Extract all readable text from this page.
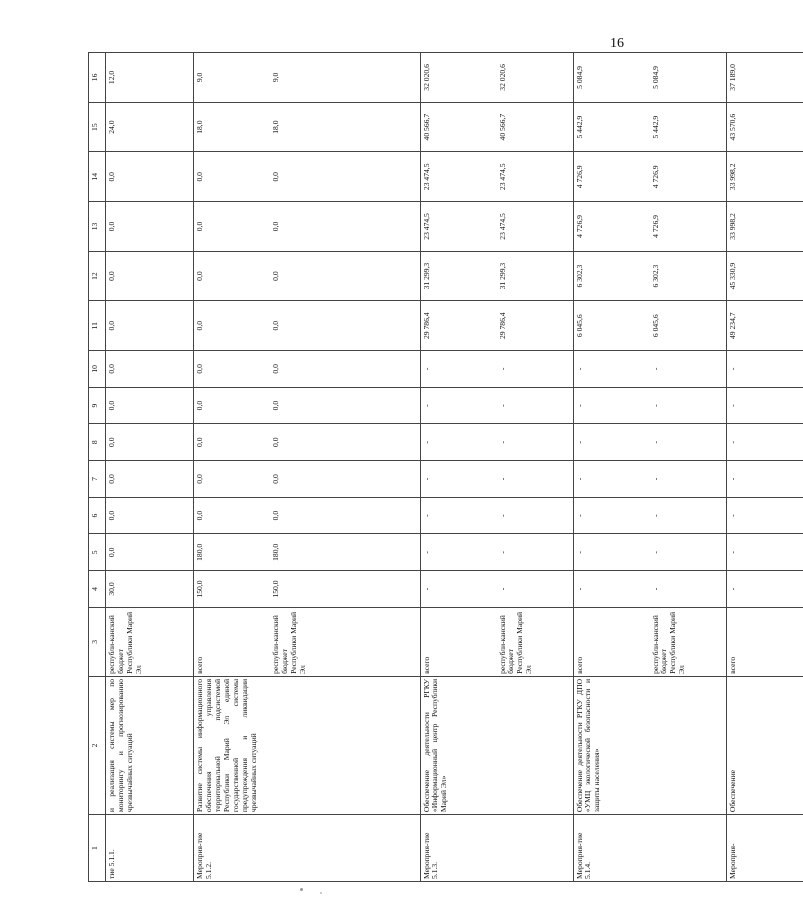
16
1	2	3	4	5	6	7	8	9	10	11	12	13	14	15	16
тие 5.1.1.	и реализация системы мер по мониторингу и прогнозированию чрезвычайных ситуаций	республи-канский бюджет Республики Марий Эл	30,0	0,0	0,0	0,0	0,0	0,0	0,0	0,0	0,0	0,0	0,0	24,0	12,0
Мероприя-тие 5.1.2.	Развитие системы информационного обеспечения управления территориальной подсистемой Республики Марий Эл единой государственной системы предупреждения и ликвидации чрезвычайных ситуаций	всего	150,0	180,0	0,0	0,0	0,0	0,0	0,0	0,0	0,0	0,0	0,0	18,0	9,0
		республи-канский бюджет Республики Марий Эл	150,0	180,0	0,0	0,0	0,0	0,0	0,0	0,0	0,0	0,0	0,0	18,0	9,0
Мероприя-тие 5.1.3.	Обеспечение деятельности РГКУ «Информационный центр Республики Марий Эл»	всего	-	-	-	-	-	-	-	29 786,4	31 299,3	23 474,5	23 474,5	40 566,7	32 020,6
		республи-канский бюджет Республики Марий Эл	-	-	-	-	-	-	-	29 786,4	31 299,3	23 474,5	23 474,5	40 566,7	32 020,6
Мероприя-тие 5.1.4.	Обеспечение деятельности РГКУ ДПО «УМЦ экологической безопасности и защиты населения»	всего	-	-	-	-	-	-	-	6 045,6	6 302,3	4 726,9	4 726,9	5 442,9	5 084,9
		республи-канский бюджет Республики Марий Эл	-	-	-	-	-	-	-	6 045,6	6 302,3	4 726,9	4 726,9	5 442,9	5 084,9
Мероприя-	Обеспечение	всего	-	-	-	-	-	-	-	49 234,7	45 330,9	33 998,2	33 998,2	43 570,6	37 189,0
